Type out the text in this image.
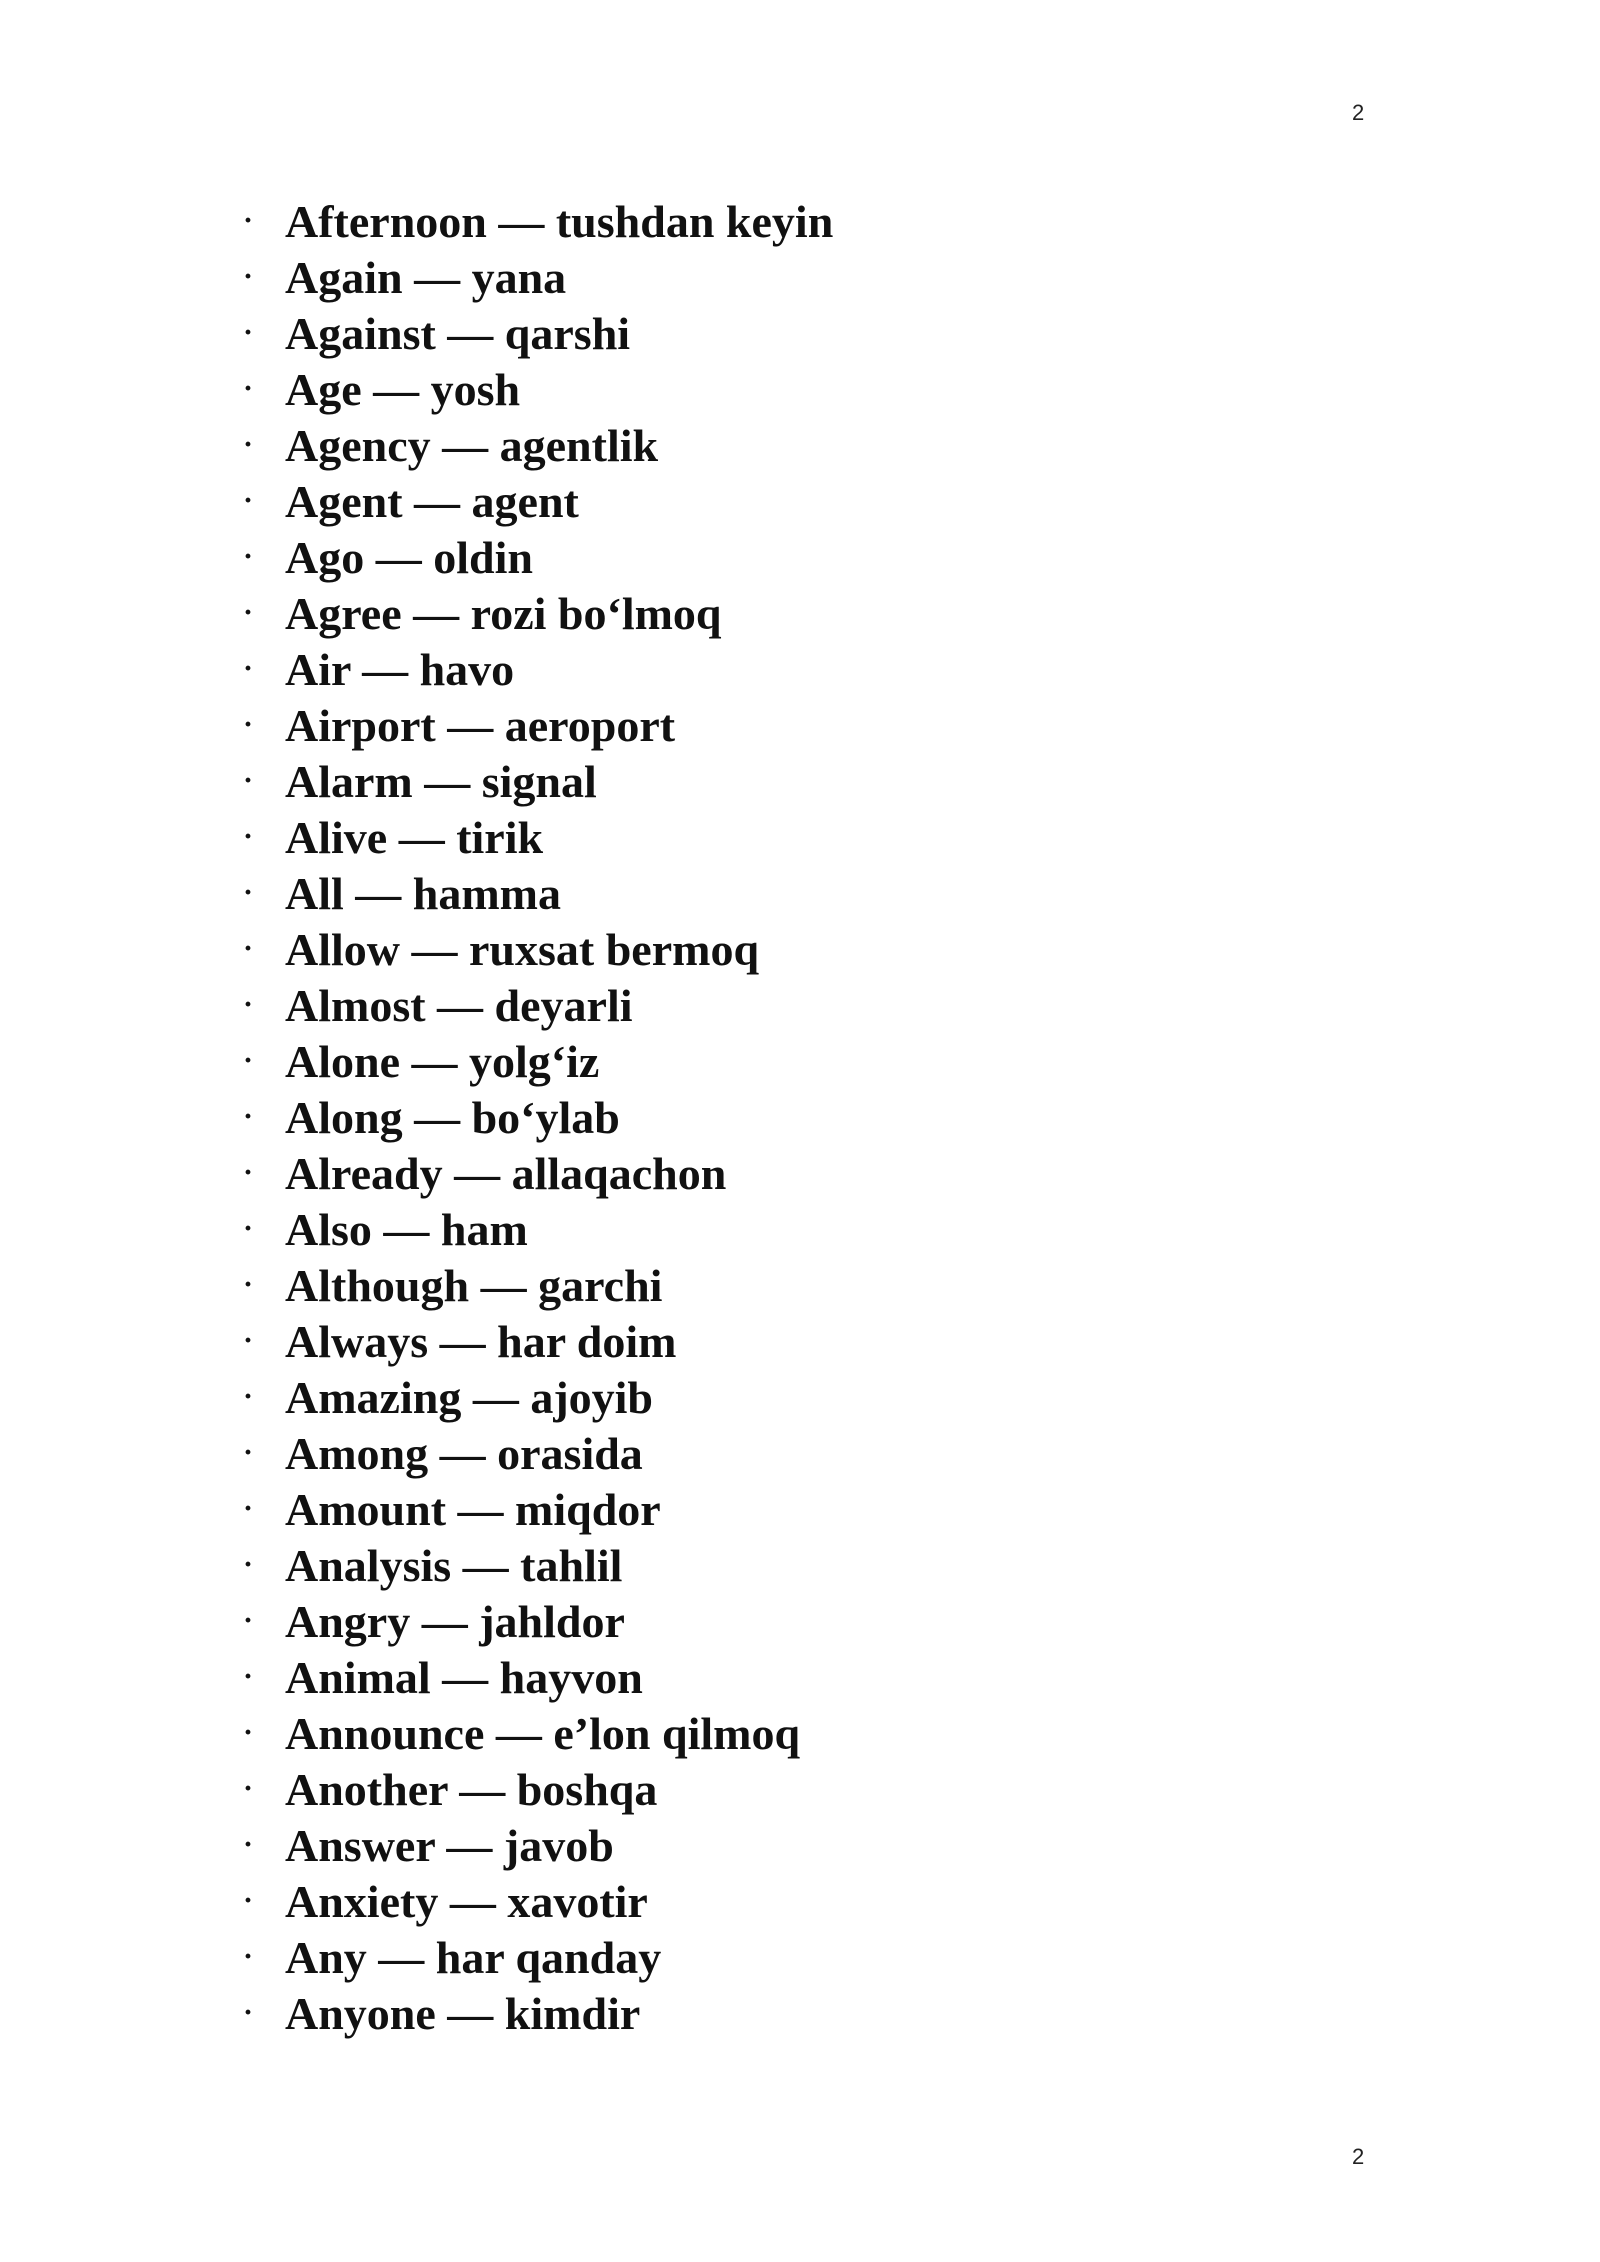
2
· Afternoon — tushdan keyin
· Again — yana
· Against — qarshi
· Age — yosh
· Agency — agentlik
· Agent — agent
· Ago — oldin
· Agree — rozi bo‘lmoq
· Air — havo
· Airport — aeroport
· Alarm — signal
· Alive — tirik
· All — hamma
· Allow — ruxsat bermoq
· Almost — deyarli
· Alone — yolg‘iz
· Along — bo‘ylab
· Already — allaqachon
· Also — ham
· Although — garchi
· Always — har doim
· Amazing — ajoyib
· Among — orasida
· Amount — miqdor
· Analysis — tahlil
· Angry — jahldor
· Animal — hayvon
· Announce — e’lon qilmoq
· Another — boshqa
· Answer — javob
· Anxiety — xavotir
· Any — har qanday
· Anyone — kimdir
2
